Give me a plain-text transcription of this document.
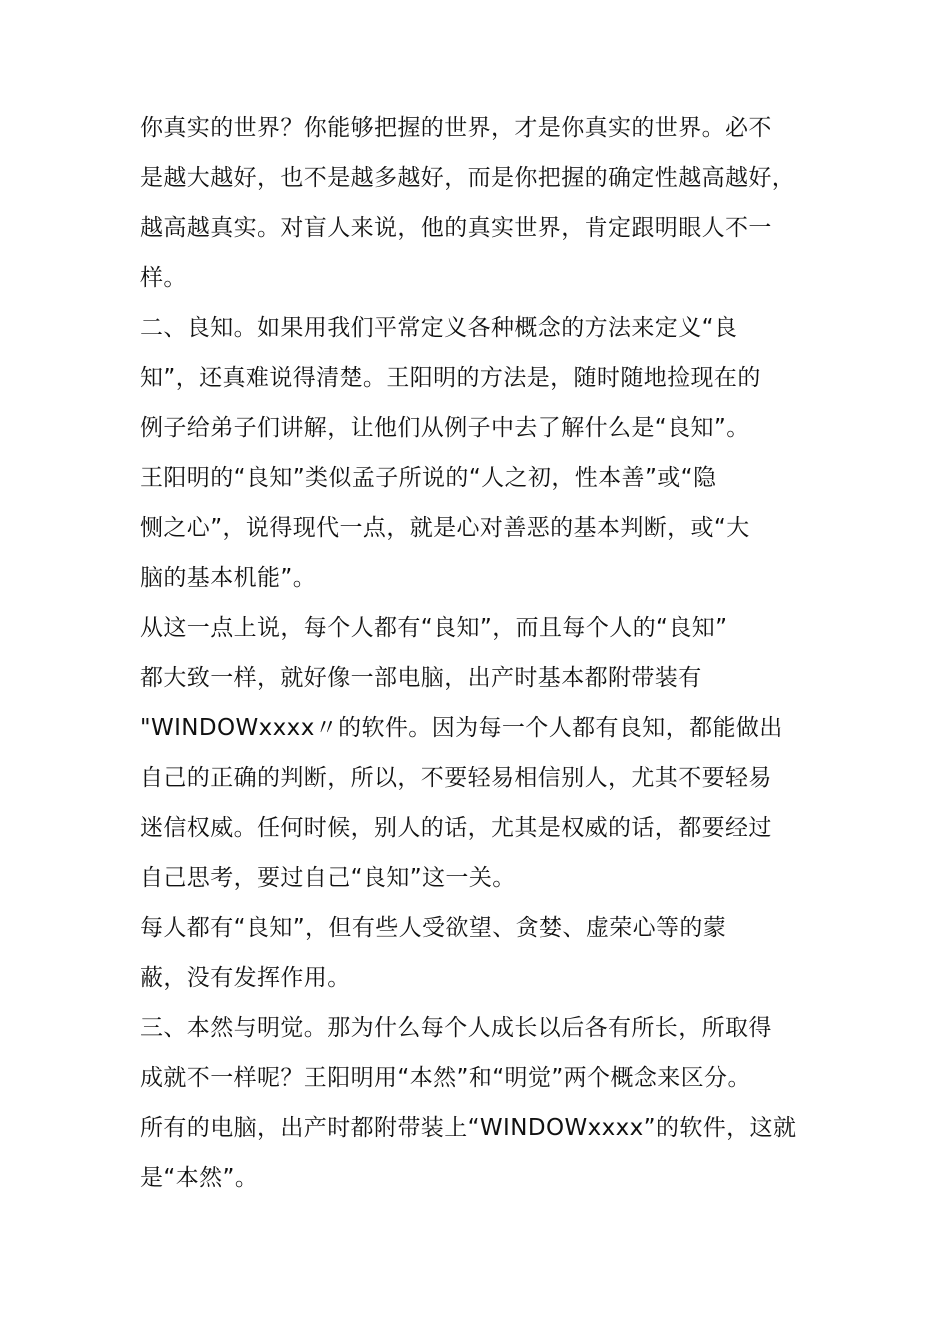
你真实的世界？你能够把握的世界，才是你真实的世界。必不
是越大越好，也不是越多越好，而是你把握的确定性越高越好，
越高越真实。对盲人来说，他的真实世界，肯定跟明眼人不一
样。
二、良知。如果用我们平常定义各种概念的方法来定义“良
知”，还真难说得清楚。王阳明的方法是，随时随地捡现在的
例子给弟子们讲解，让他们从例子中去了解什么是“良知”。
王阳明的“良知”类似孟子所说的“人之初，性本善”或“隐
恻之心”，说得现代一点，就是心对善恶的基本判断，或“大
脑的基本机能”。
从这一点上说，每个人都有“良知”，而且每个人的“良知”
都大致一样，就好像一部电脑，出产时基本都附带装有
"WINDOWxxxx〃的软件。因为每一个人都有良知，都能做出
自己的正确的判断，所以，不要轻易相信别人，尤其不要轻易
迷信权威。任何时候，别人的话，尤其是权威的话，都要经过
自己思考，要过自己“良知”这一关。
每人都有“良知”，但有些人受欲望、贪婪、虚荣心等的蒙
蔽，没有发挥作用。
三、本然与明觉。那为什么每个人成长以后各有所长，所取得
成就不一样呢？王阳明用“本然”和“明觉”两个概念来区分。
所有的电脑，出产时都附带装上“WINDOWxxxx”的软件，这就
是“本然”。
